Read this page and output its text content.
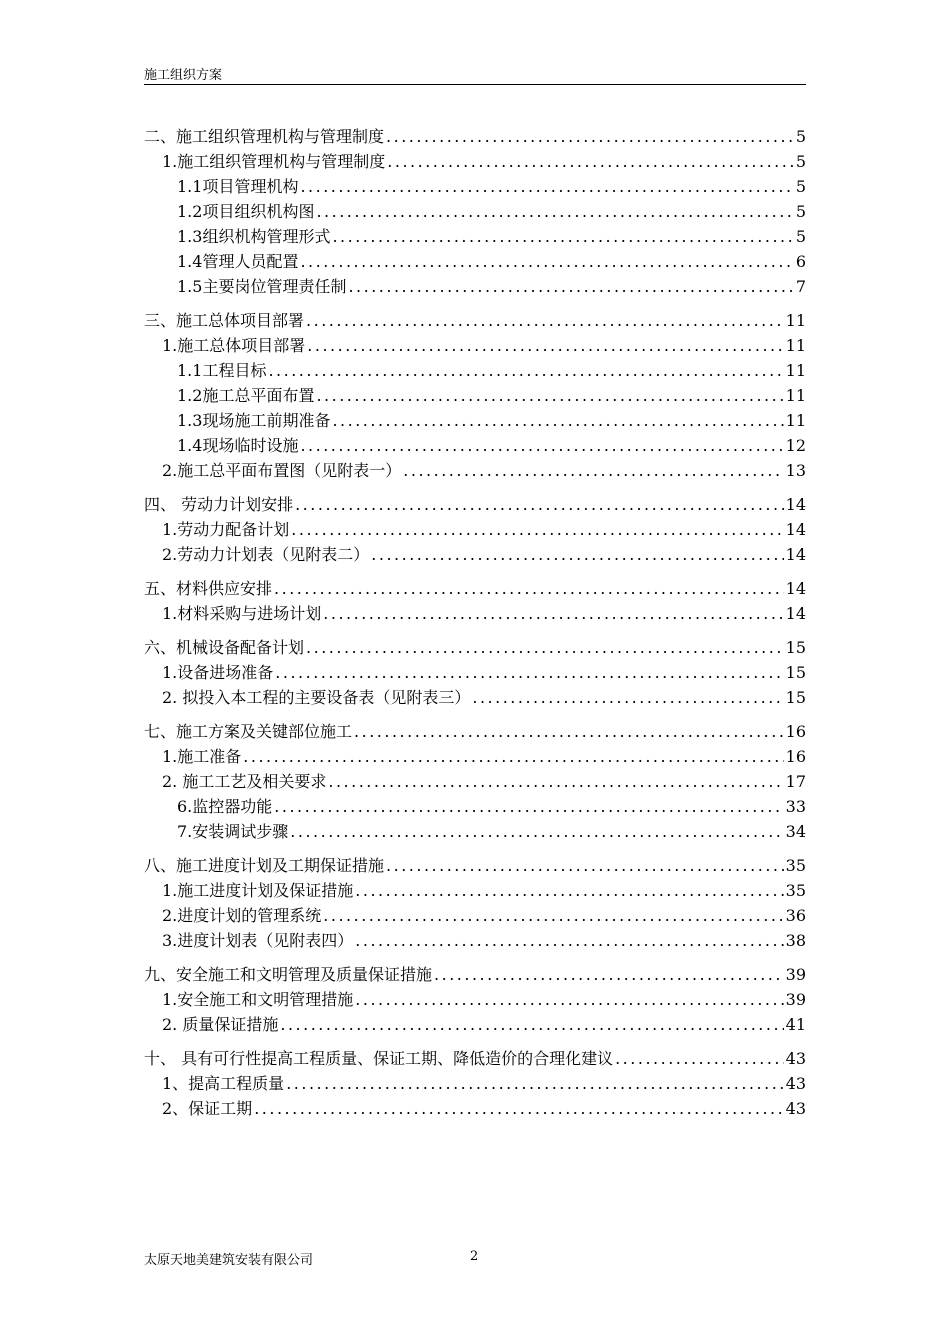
施工组织方案
二、施工组织管理机构与管理制度 .....	5
1.施工组织管理机构与管理制度 .....	5
1.1项目管理机构 .....	5
1.2项目组织机构图 .....	5
1.3组织机构管理形式 .....	5
1.4管理人员配置 .....	6
1.5主要岗位管理责任制 .....	7
三、施工总体项目部署 .....	11
1.施工总体项目部署 .....	11
1.1工程目标 .....	11
1.2施工总平面布置 .....	11
1.3现场施工前期准备 .....	11
1.4现场临时设施 .....	12
2.施工总平面布置图（见附表一） .....	13
四、 劳动力计划安排 .....	14
1.劳动力配备计划 .....	14
2.劳动力计划表（见附表二） .....	14
五、材料供应安排 .....	14
1.材料采购与进场计划 .....	14
六、机械设备配备计划 .....	15
1.设备进场准备 .....	15
2. 拟投入本工程的主要设备表（见附表三） .....	15
七、施工方案及关键部位施工 .....	16
1.施工准备 .....	16
2. 施工工艺及相关要求 .....	17
6.监控器功能 .....	33
7.安装调试步骤 .....	34
八、施工进度计划及工期保证措施 .....	35
1.施工进度计划及保证措施 .....	35
2.进度计划的管理系统 .....	36
3.进度计划表（见附表四） .....	38
九、安全施工和文明管理及质量保证措施 .....	39
1.安全施工和文明管理措施 .....	39
2. 质量保证措施 .....	41
十、 具有可行性提高工程质量、保证工期、降低造价的合理化建议 .....	43
1、提高工程质量 .....	43
2、保证工期 .....	43
太原天地美建筑安装有限公司	2
